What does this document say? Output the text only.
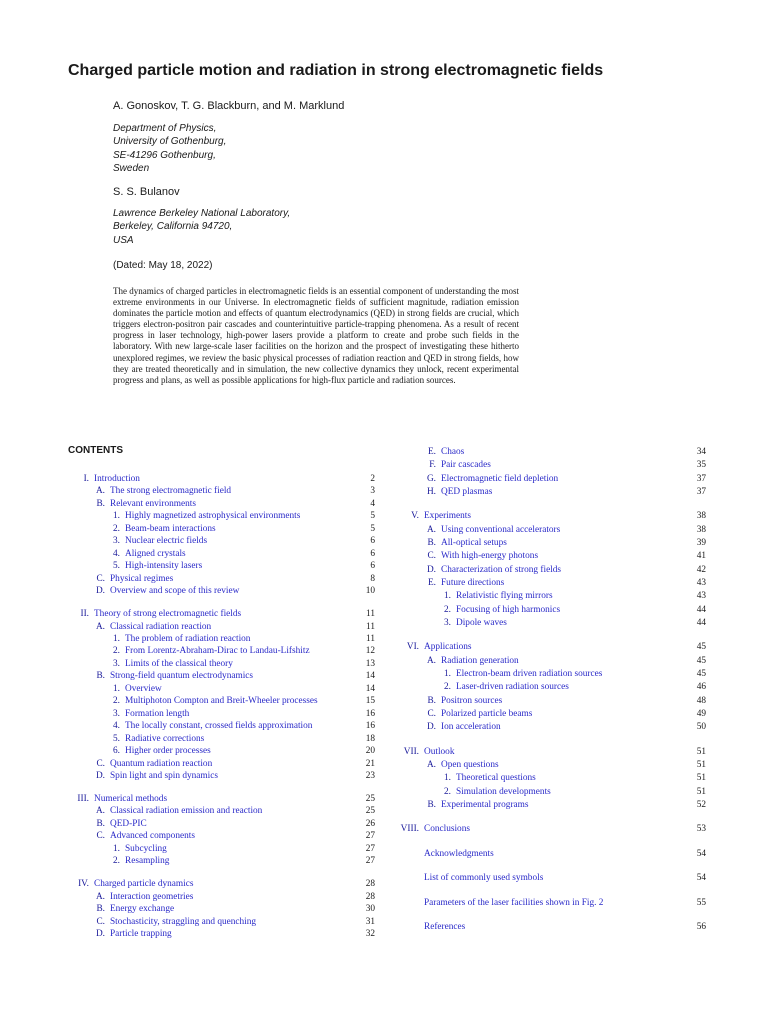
Charged particle motion and radiation in strong electromagnetic fields
A. Gonoskov, T. G. Blackburn, and M. Marklund
Department of Physics,
University of Gothenburg,
SE-41296 Gothenburg,
Sweden
S. S. Bulanov
Lawrence Berkeley National Laboratory,
Berkeley, California 94720,
USA
(Dated: May 18, 2022)

The dynamics of charged particles in electromagnetic fields is an essential component of understanding the most extreme environments in our Universe. In electromagnetic fields of sufficient magnitude, radiation emission dominates the particle motion and effects of quantum electrodynamics (QED) in strong fields are crucial, which triggers electron-positron pair cascades and counterintuitive particle-trapping phenomena. As a result of recent progress in laser technology, high-power lasers provide a platform to create and probe such fields in the laboratory. With new large-scale laser facilities on the horizon and the prospect of investigating these hitherto unexplored regimes, we review the basic physical processes of radiation reaction and QED in strong fields, how they are treated theoretically and in simulation, the new collective dynamics they unlock, recent experimental progress and plans, as well as possible applications for high-flux particle and radiation sources.

CONTENTS
I. Introduction	2
A. The strong electromagnetic field	3
B. Relevant environments	4
1. Highly magnetized astrophysical environments	5
2. Beam-beam interactions	5
3. Nuclear electric fields	6
4. Aligned crystals	6
5. High-intensity lasers	6
C. Physical regimes	8
D. Overview and scope of this review	10
II. Theory of strong electromagnetic fields	11
A. Classical radiation reaction	11
1. The problem of radiation reaction	11
2. From Lorentz-Abraham-Dirac to Landau-Lifshitz	12
3. Limits of the classical theory	13
B. Strong-field quantum electrodynamics	14
1. Overview	14
2. Multiphoton Compton and Breit-Wheeler processes	15
3. Formation length	16
4. The locally constant, crossed fields approximation	16
5. Radiative corrections	18
6. Higher order processes	20
C. Quantum radiation reaction	21
D. Spin light and spin dynamics	23
III. Numerical methods	25
A. Classical radiation emission and reaction	25
B. QED-PIC	26
C. Advanced components	27
1. Subcycling	27
2. Resampling	27
IV. Charged particle dynamics	28
A. Interaction geometries	28
B. Energy exchange	30
C. Stochasticity, straggling and quenching	31
D. Particle trapping	32
E. Chaos	34
F. Pair cascades	35
G. Electromagnetic field depletion	37
H. QED plasmas	37
V. Experiments	38
A. Using conventional accelerators	38
B. All-optical setups	39
C. With high-energy photons	41
D. Characterization of strong fields	42
E. Future directions	43
1. Relativistic flying mirrors	43
2. Focusing of high harmonics	44
3. Dipole waves	44
VI. Applications	45
A. Radiation generation	45
1. Electron-beam driven radiation sources	45
2. Laser-driven radiation sources	46
B. Positron sources	48
C. Polarized particle beams	49
D. Ion acceleration	50
VII. Outlook	51
A. Open questions	51
1. Theoretical questions	51
2. Simulation developments	51
B. Experimental programs	52
VIII. Conclusions	53
Acknowledgments	54
List of commonly used symbols	54
Parameters of the laser facilities shown in Fig. 2	55
References	56
